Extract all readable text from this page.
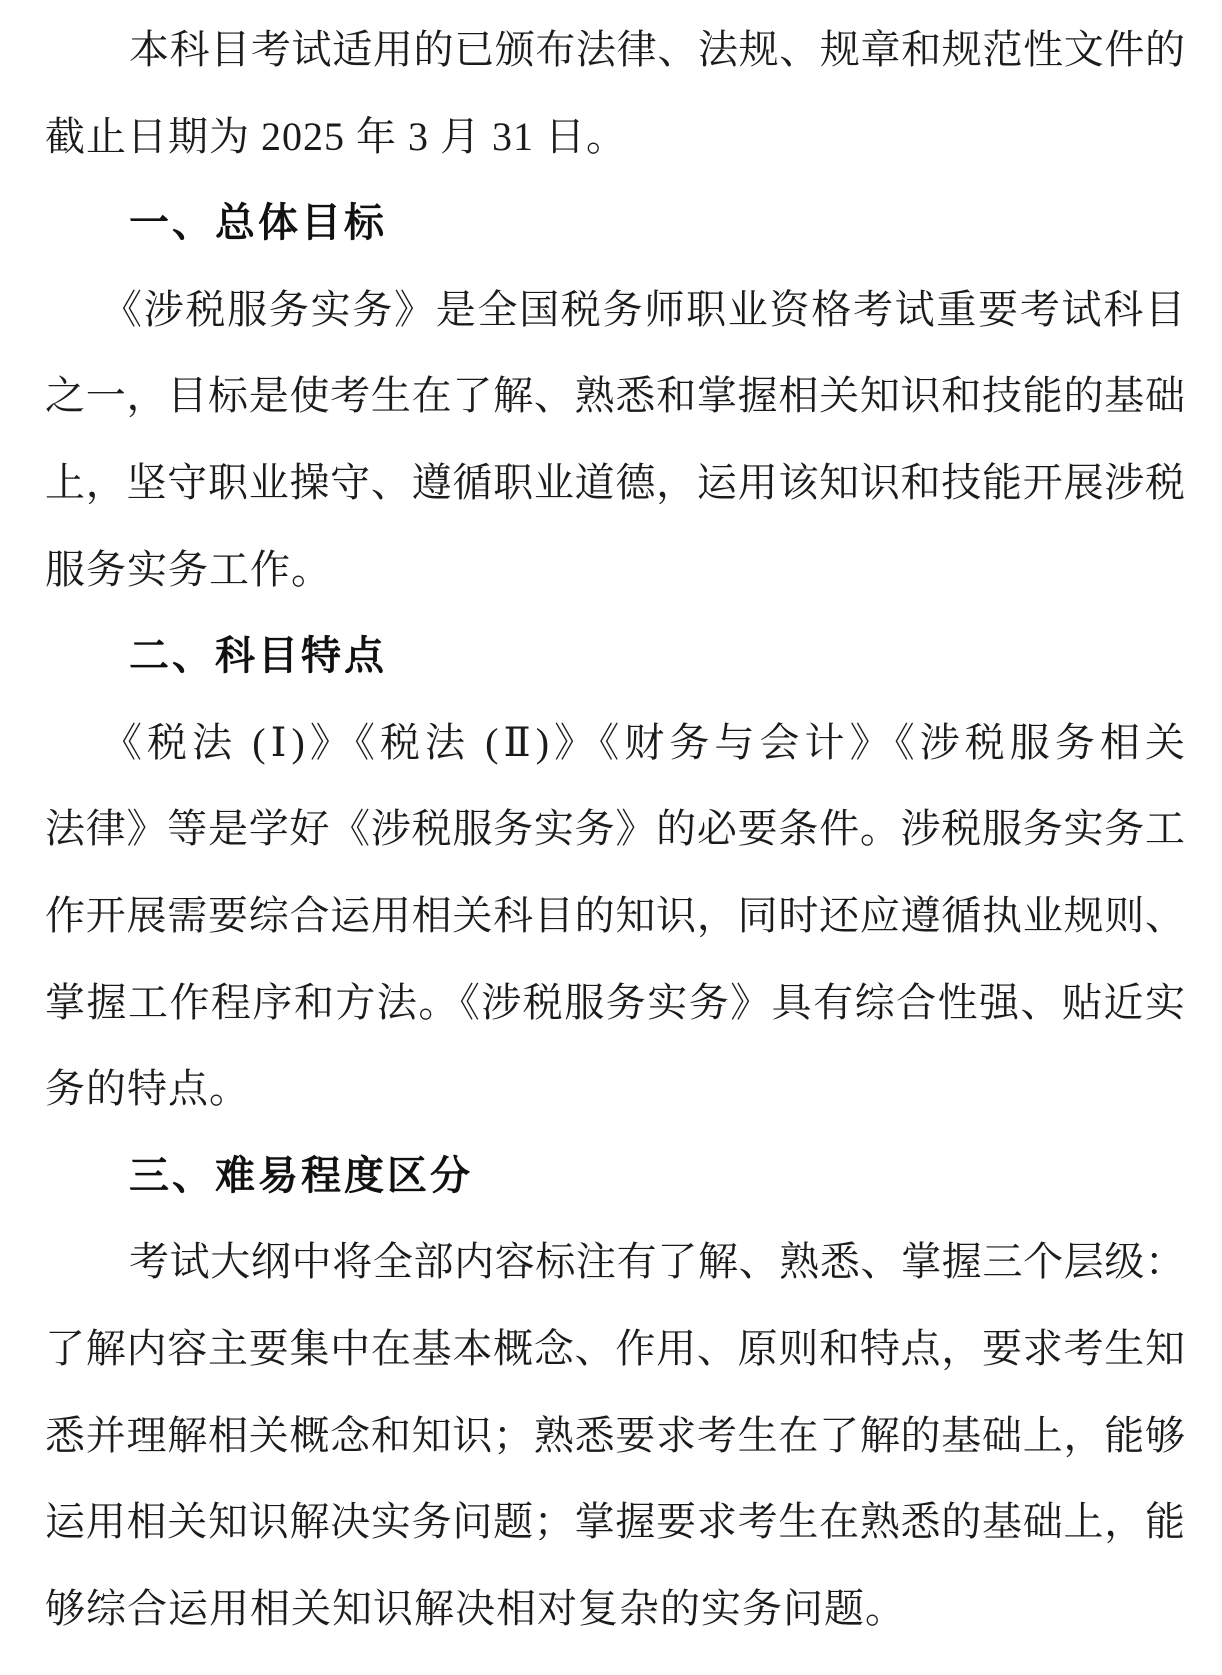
本科目考试适用的已颁布法律、法规、规章和规范性文件的
截止日期为 2025 年 3 月 31 日。
一、总体目标
《涉税服务实务》是全国税务师职业资格考试重要考试科目
之一，目标是使考生在了解、熟悉和掌握相关知识和技能的基础
上，坚守职业操守、遵循职业道德，运用该知识和技能开展涉税
服务实务工作。
二、科目特点
《税法 (Ⅰ)》《税法 (Ⅱ)》《财务与会计》《涉税服务相关
法律》等是学好《涉税服务实务》的必要条件。涉税服务实务工
作开展需要综合运用相关科目的知识，同时还应遵循执业规则、
掌握工作程序和方法。《涉税服务实务》具有综合性强、贴近实
务的特点。
三、难易程度区分
考试大纲中将全部内容标注有了解、熟悉、掌握三个层级：
了解内容主要集中在基本概念、作用、原则和特点，要求考生知
悉并理解相关概念和知识；熟悉要求考生在了解的基础上，能够
运用相关知识解决实务问题；掌握要求考生在熟悉的基础上，能
够综合运用相关知识解决相对复杂的实务问题。
